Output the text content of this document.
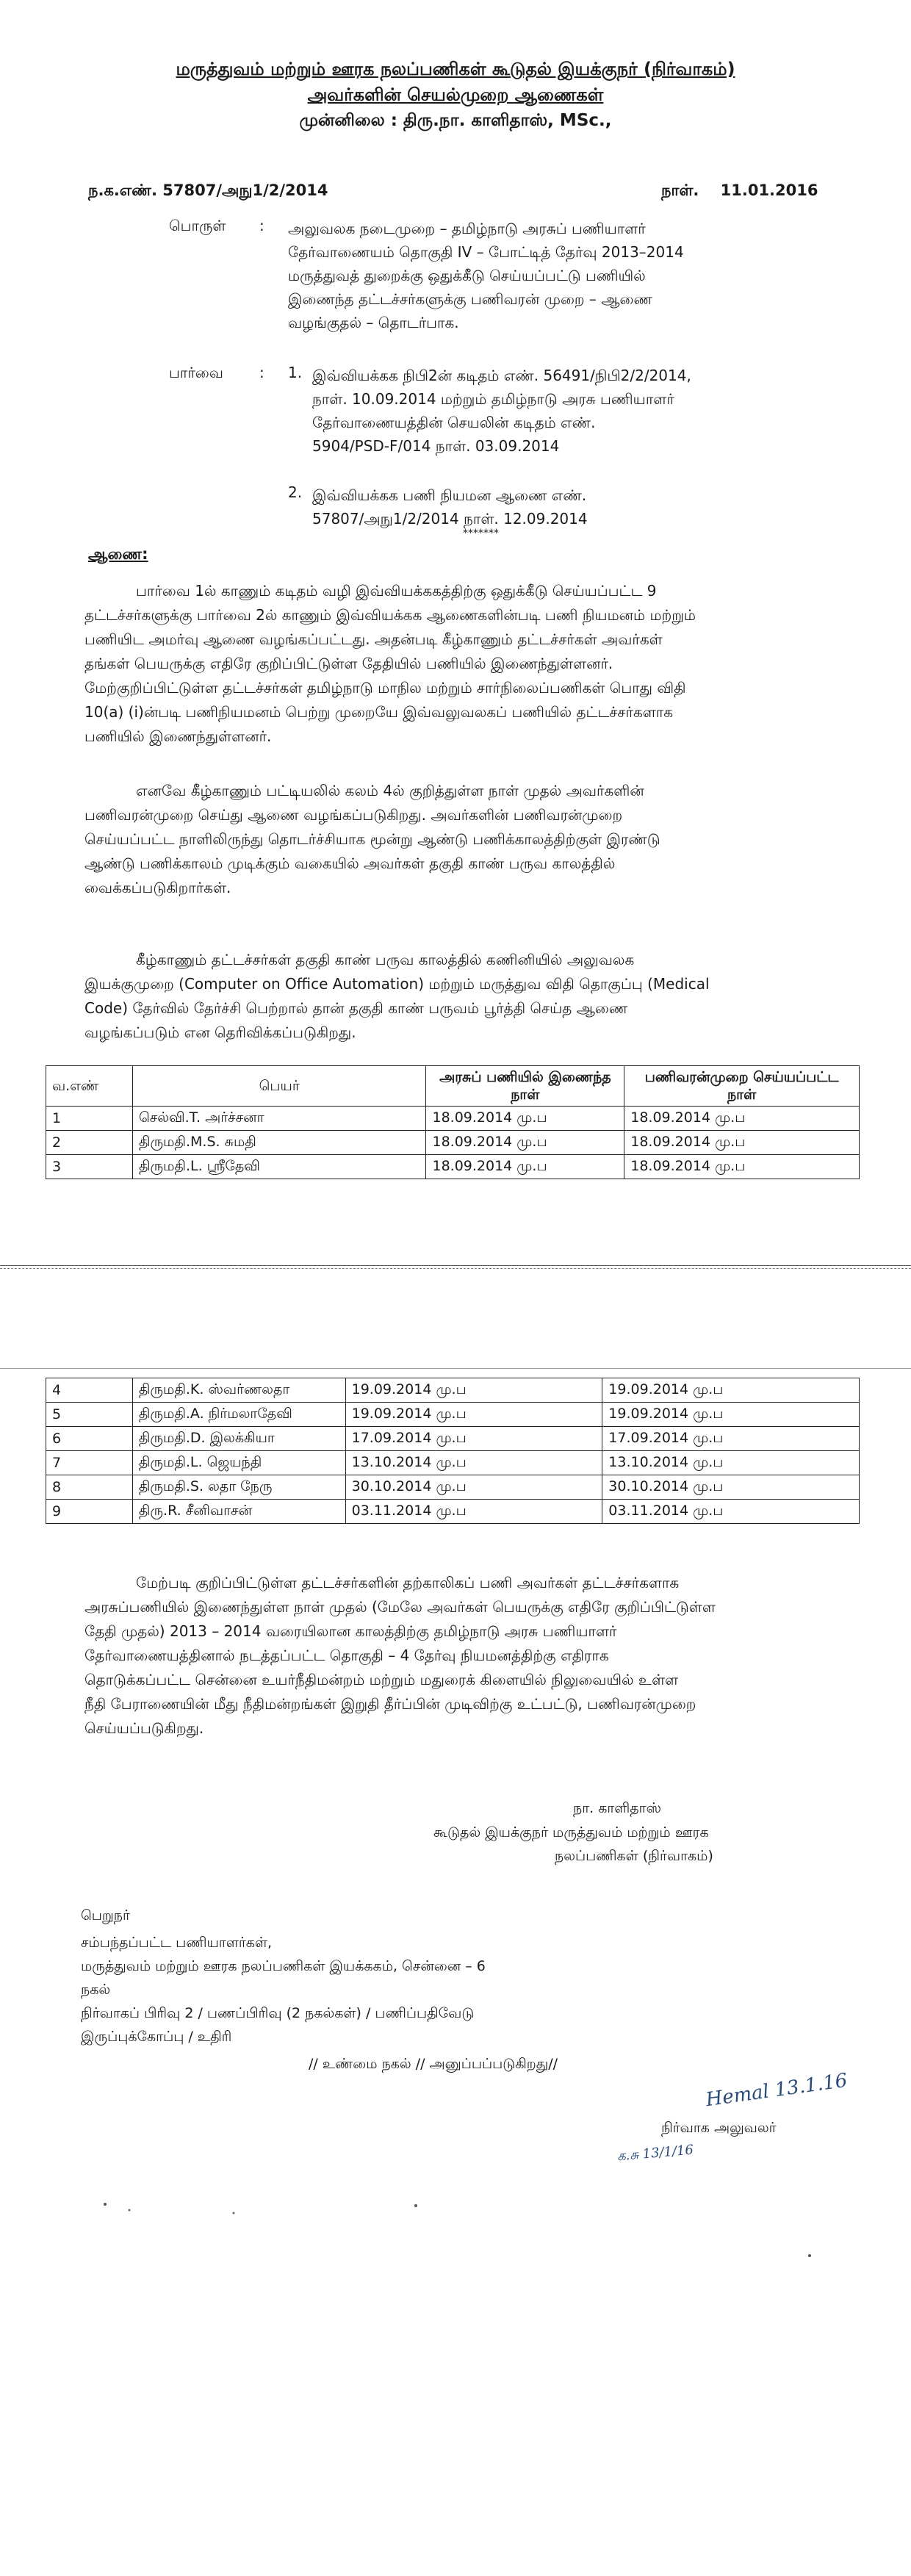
மருத்துவம் மற்றும் ஊரக நலப்பணிகள் கூடுதல் இயக்குநர் (நிர்வாகம்)
அவர்களின் செயல்முறை ஆணைகள்
முன்னிலை : திரு.நா. காளிதாஸ், MSc.,
ந.க.எண். 57807/அநு1/2/2014	நாள். 11.01.2016
பொருள் : அலுவலக நடைமுறை – தமிழ்நாடு அரசுப் பணியாளர்
தேர்வாணையம் தொகுதி IV – போட்டித் தேர்வு 2013–2014
மருத்துவத் துறைக்கு ஒதுக்கீடு செய்யப்பட்டு பணியில்
இணைந்த தட்டச்சர்களுக்கு பணிவரன் முறை – ஆணை
வழங்குதல் – தொடர்பாக.
பார்வை : 1. இவ்வியக்கக நிபி2ன் கடிதம் எண். 56491/நிபி2/2/2014,
நாள். 10.09.2014 மற்றும் தமிழ்நாடு அரசு பணியாளர்
தேர்வாணையத்தின் செயலின் கடிதம் எண்.
5904/PSD-F/014 நாள். 03.09.2014
2. இவ்வியக்கக பணி நியமன ஆணை எண்.
57807/அநு1/2/2014 நாள். 12.09.2014
*******
ஆணை:
பார்வை 1ல் காணும் கடிதம் வழி இவ்வியக்ககத்திற்கு ஒதுக்கீடு செய்யப்பட்ட 9
தட்டச்சர்களுக்கு பார்வை 2ல் காணும் இவ்வியக்கக ஆணைகளின்படி பணி நியமனம் மற்றும்
பணியிட அமர்வு ஆணை வழங்கப்பட்டது. அதன்படி கீழ்காணும் தட்டச்சர்கள் அவர்கள்
தங்கள் பெயருக்கு எதிரே குறிப்பிட்டுள்ள தேதியில் பணியில் இணைந்துள்ளனர்.
மேற்குறிப்பிட்டுள்ள தட்டச்சர்கள் தமிழ்நாடு மாநில மற்றும் சார்நிலைப்பணிகள் பொது விதி
10(a) (i)ன்படி பணிநியமனம் பெற்று முறையே இவ்வலுவலகப் பணியில் தட்டச்சர்களாக
பணியில் இணைந்துள்ளனர்.
எனவே கீழ்காணும் பட்டியலில் கலம் 4ல் குறித்துள்ள நாள் முதல் அவர்களின்
பணிவரன்முறை செய்து ஆணை வழங்கப்படுகிறது. அவர்களின் பணிவரன்முறை
செய்யப்பட்ட நாளிலிருந்து தொடர்ச்சியாக மூன்று ஆண்டு பணிக்காலத்திற்குள் இரண்டு
ஆண்டு பணிக்காலம் முடிக்கும் வகையில் அவர்கள் தகுதி காண் பருவ காலத்தில்
வைக்கப்படுகிறார்கள்.
கீழ்காணும் தட்டச்சர்கள் தகுதி காண் பருவ காலத்தில் கணினியில் அலுவலக
இயக்குமுறை (Computer on Office Automation) மற்றும் மருத்துவ விதி தொகுப்பு (Medical
Code) தேர்வில் தேர்ச்சி பெற்றால் தான் தகுதி காண் பருவம் பூர்த்தி செய்த ஆணை
வழங்கப்படும் என தெரிவிக்கப்படுகிறது.
வ.எண்	பெயர்	அரசுப் பணியில் இணைந்த நாள்	பணிவரன்முறை செய்யப்பட்ட நாள்
1	செல்வி.T. அர்ச்சனா	18.09.2014 மு.ப	18.09.2014 மு.ப
2	திருமதி.M.S. சுமதி	18.09.2014 மு.ப	18.09.2014 மு.ப
3	திருமதி.L. ஸ்ரீதேவி	18.09.2014 மு.ப	18.09.2014 மு.ப
4	திருமதி.K. ஸ்வர்ணலதா	19.09.2014 மு.ப	19.09.2014 மு.ப
5	திருமதி.A. நிர்மலாதேவி	19.09.2014 மு.ப	19.09.2014 மு.ப
6	திருமதி.D. இலக்கியா	17.09.2014 மு.ப	17.09.2014 மு.ப
7	திருமதி.L. ஜெயந்தி	13.10.2014 மு.ப	13.10.2014 மு.ப
8	திருமதி.S. லதா நேரு	30.10.2014 மு.ப	30.10.2014 மு.ப
9	திரு.R. சீனிவாசன்	03.11.2014 மு.ப	03.11.2014 மு.ப
மேற்படி குறிப்பிட்டுள்ள தட்டச்சர்களின் தற்காலிகப் பணி அவர்கள் தட்டச்சர்களாக
அரசுப்பணியில் இணைந்துள்ள நாள் முதல் (மேலே அவர்கள் பெயருக்கு எதிரே குறிப்பிட்டுள்ள
தேதி முதல்) 2013 – 2014 வரையிலான காலத்திற்கு தமிழ்நாடு அரசு பணியாளர்
தேர்வாணையத்தினால் நடத்தப்பட்ட தொகுதி – 4 தேர்வு நியமனத்திற்கு எதிராக
தொடுக்கப்பட்ட சென்னை உயர்நீதிமன்றம் மற்றும் மதுரைக் கிளையில் நிலுவையில் உள்ள
நீதி பேராணையின் மீது நீதிமன்றங்கள் இறுதி தீர்ப்பின் முடிவிற்கு உட்பட்டு, பணிவரன்முறை
செய்யப்படுகிறது.
நா. காளிதாஸ்
கூடுதல் இயக்குநர் மருத்துவம் மற்றும் ஊரக
நலப்பணிகள் (நிர்வாகம்)
பெறுநர்
சம்பந்தப்பட்ட பணியாளர்கள்,
மருத்துவம் மற்றும் ஊரக நலப்பணிகள் இயக்ககம், சென்னை – 6
நகல்
நிர்வாகப் பிரிவு 2 / பணப்பிரிவு (2 நகல்கள்) / பணிப்பதிவேடு
இருப்புக்கோப்பு / உதிரி
// உண்மை நகல் // அனுப்பப்படுகிறது//
Hemal 13.1.16
நிர்வாக அலுவலர்
க.சு 13/1/16
